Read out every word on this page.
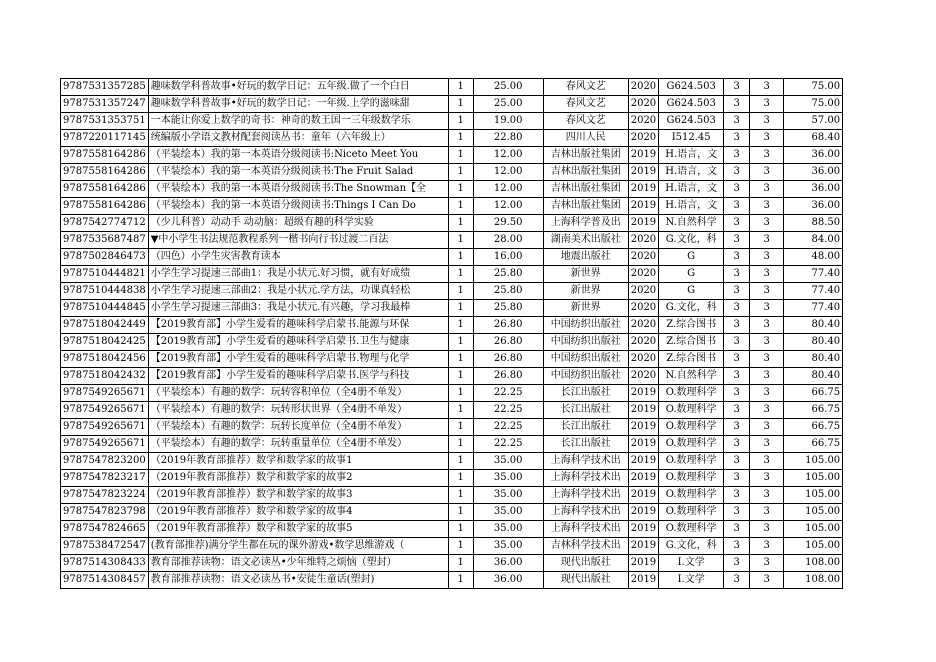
9787531357285	趣味数学科普故事•好玩的数学日记：五年级.做了一个白日	1	25.00	春风文艺	2020	G624.503	3	3	75.00
9787531357247	趣味数学科普故事•好玩的数学日记：一年级.上学的滋味甜	1	25.00	春风文艺	2020	G624.503	3	3	75.00
9787531353751	一本能让你爱上数学的奇书：神奇的数王国一三年级数学乐	1	19.00	春风文艺	2020	G624.503	3	3	57.00
9787220117145	统编版小学语文教材配套阅读丛书：童年（六年级上）	1	22.80	四川人民	2020	I512.45	3	3	68.40
9787558164286	（平装绘本）我的第一本英语分级阅读书:Niceto Meet You	1	12.00	吉林出版社集团	2019	H.语言，文	3	3	36.00
9787558164286	（平装绘本）我的第一本英语分级阅读书:The Fruit Salad	1	12.00	吉林出版社集团	2019	H.语言，文	3	3	36.00
9787558164286	（平装绘本）我的第一本英语分级阅读书:The Snowman【全	1	12.00	吉林出版社集团	2019	H.语言，文	3	3	36.00
9787558164286	（平装绘本）我的第一本英语分级阅读书:Things I Can Do	1	12.00	吉林出版社集团	2019	H.语言，文	3	3	36.00
9787542774712	（少儿科普）动动手 动动脑：超级有趣的科学实验	1	29.50	上海科学普及出	2019	N.自然科学	3	3	88.50
9787535687487	▼中小学生书法规范教程系列一楷书向行书过渡二百法	1	28.00	湖南美术出版社	2020	G.文化，科	3	3	84.00
9787502846473	（四色）小学生灾害教育读本	1	16.00	地震出版社	2020	G	3	3	48.00
9787510444821	小学生学习提速三部曲1：我是小状元.好习惯，就有好成绩	1	25.80	新世界	2020	G	3	3	77.40
9787510444838	小学生学习提速三部曲2：我是小状元.学方法，功课真轻松	1	25.80	新世界	2020	G	3	3	77.40
9787510444845	小学生学习提速三部曲3：我是小状元.有兴趣，学习我最棒	1	25.80	新世界	2020	G.文化，科	3	3	77.40
9787518042449	【2019教育部】小学生爱看的趣味科学启蒙书.能源与环保	1	26.80	中国纺织出版社	2020	Z.综合图书	3	3	80.40
9787518042425	【2019教育部】小学生爱看的趣味科学启蒙书.卫生与健康	1	26.80	中国纺织出版社	2020	Z.综合图书	3	3	80.40
9787518042456	【2019教育部】小学生爱看的趣味科学启蒙书.物理与化学	1	26.80	中国纺织出版社	2020	Z.综合图书	3	3	80.40
9787518042432	【2019教育部】小学生爱看的趣味科学启蒙书.医学与科技	1	26.80	中国纺织出版社	2020	N.自然科学	3	3	80.40
9787549265671	（平装绘本）有趣的数学：玩转容积单位（全4册不单发）	1	22.25	长江出版社	2019	O.数理科学	3	3	66.75
9787549265671	（平装绘本）有趣的数学：玩转形状世界（全4册不单发）	1	22.25	长江出版社	2019	O.数理科学	3	3	66.75
9787549265671	（平装绘本）有趣的数学：玩转长度单位（全4册不单发）	1	22.25	长江出版社	2019	O.数理科学	3	3	66.75
9787549265671	（平装绘本）有趣的数学：玩转重量单位（全4册不单发）	1	22.25	长江出版社	2019	O.数理科学	3	3	66.75
9787547823200	（2019年教育部推荐）数学和数学家的故事1	1	35.00	上海科学技术出	2019	O.数理科学	3	3	105.00
9787547823217	（2019年教育部推荐）数学和数学家的故事2	1	35.00	上海科学技术出	2019	O.数理科学	3	3	105.00
9787547823224	（2019年教育部推荐）数学和数学家的故事3	1	35.00	上海科学技术出	2019	O.数理科学	3	3	105.00
9787547823798	（2019年教育部推荐）数学和数学家的故事4	1	35.00	上海科学技术出	2019	O.数理科学	3	3	105.00
9787547824665	（2019年教育部推荐）数学和数学家的故事5	1	35.00	上海科学技术出	2019	O.数理科学	3	3	105.00
9787538472547	(教育部推荐)满分学生都在玩的课外游戏•数学思维游戏（	1	35.00	吉林科学技术出	2019	G.文化，科	3	3	105.00
9787514308433	教育部推荐读物：语文必读丛•少年维特之烦恼（塑封）	1	36.00	现代出版社	2019	I.文学	3	3	108.00
9787514308457	教育部推荐读物：语文必读丛书•安徒生童话(塑封)	1	36.00	现代出版社	2019	I.文学	3	3	108.00
